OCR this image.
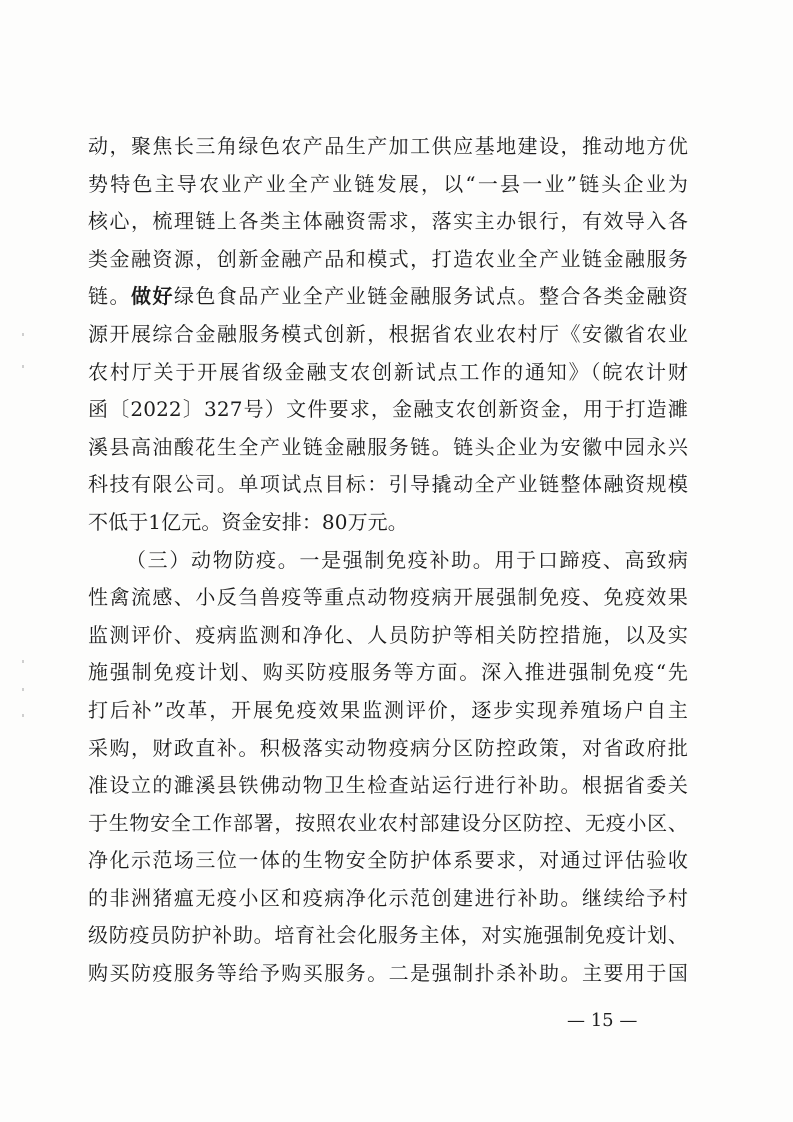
动，聚焦长三角绿色农产品生产加工供应基地建设，推动地方优
势特色主导农业产业全产业链发展，以“一县一业”链头企业为
核心，梳理链上各类主体融资需求，落实主办银行，有效导入各
类金融资源，创新金融产品和模式，打造农业全产业链金融服务
链。做好绿色食品产业全产业链金融服务试点。整合各类金融资
源开展综合金融服务模式创新，根据省农业农村厅《安徽省农业
农村厅关于开展省级金融支农创新试点工作的通知》（皖农计财
函〔2022〕327号）文件要求，金融支农创新资金，用于打造濉
溪县高油酸花生全产业链金融服务链。链头企业为安徽中园永兴
科技有限公司。单项试点目标：引导撬动全产业链整体融资规模
不低于1亿元。资金安排：80万元。
（三）动物防疫。一是强制免疫补助。用于口蹄疫、高致病
性禽流感、小反刍兽疫等重点动物疫病开展强制免疫、免疫效果
监测评价、疫病监测和净化、人员防护等相关防控措施，以及实
施强制免疫计划、购买防疫服务等方面。深入推进强制免疫“先
打后补”改革，开展免疫效果监测评价，逐步实现养殖场户自主
采购，财政直补。积极落实动物疫病分区防控政策，对省政府批
准设立的濉溪县铁佛动物卫生检查站运行进行补助。根据省委关
于生物安全工作部署，按照农业农村部建设分区防控、无疫小区、
净化示范场三位一体的生物安全防护体系要求，对通过评估验收
的非洲猪瘟无疫小区和疫病净化示范创建进行补助。继续给予村
级防疫员防护补助。培育社会化服务主体，对实施强制免疫计划、
购买防疫服务等给予购买服务。二是强制扑杀补助。主要用于国
— 15 —
